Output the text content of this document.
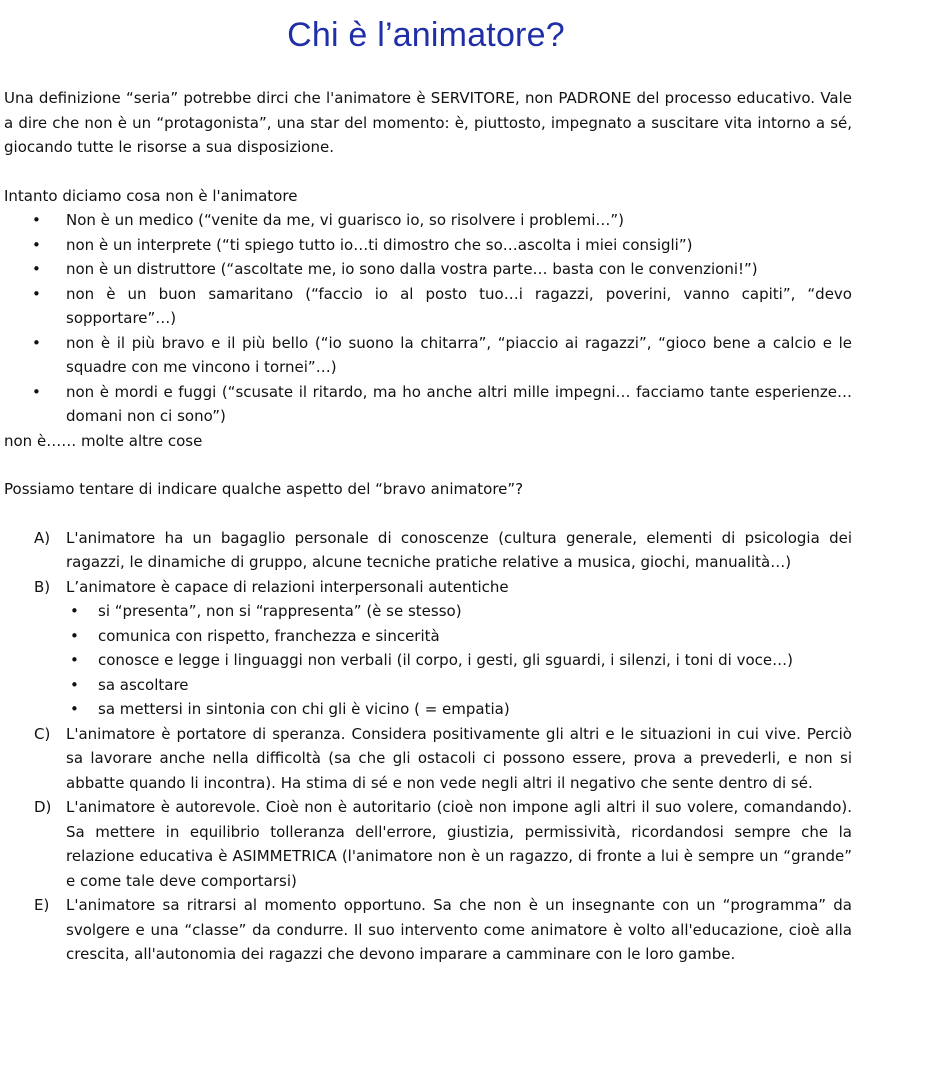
Chi è l’animatore?

Una definizione “seria” potrebbe dirci che l'animatore è SERVITORE, non PADRONE del processo educativo. Vale a dire che non è un “protagonista”, una star del momento: è, piuttosto, impegnato a suscitare vita intorno a sé, giocando tutte le risorse a sua disposizione.

Intanto diciamo cosa non è l'animatore

• Non è un medico (“venite da me, vi guarisco io, so risolvere i problemi…”)
• non è un interprete (“ti spiego tutto io…ti dimostro che so…ascolta i miei consigli”)
• non è un distruttore (“ascoltate me, io sono dalla vostra parte… basta con le convenzioni!”)
• non è un buon samaritano (“faccio io al posto tuo…i ragazzi, poverini, vanno capiti”, “devo sopportare”…)
• non è il più bravo e il più bello (“io suono la chitarra”, “piaccio ai ragazzi”, “gioco bene a calcio e le squadre con me vincono i tornei”…)
• non è mordi e fuggi (“scusate il ritardo, ma ho anche altri mille impegni… facciamo tante esperienze…domani non ci sono”)

non è…… molte altre cose

Possiamo tentare di indicare qualche aspetto del “bravo animatore”?

A) L'animatore ha un bagaglio personale di conoscenze (cultura generale, elementi di psicologia dei ragazzi, le dinamiche di gruppo, alcune tecniche pratiche relative a musica, giochi, manualità…)
B) L’animatore è capace di relazioni interpersonali autentiche
• si “presenta”, non si “rappresenta” (è se stesso)
• comunica con rispetto, franchezza e sincerità
• conosce e legge i linguaggi non verbali (il corpo, i gesti, gli sguardi, i silenzi, i toni di voce…)
• sa ascoltare
• sa mettersi in sintonia con chi gli è vicino ( = empatia)
C) L'animatore è portatore di speranza. Considera positivamente gli altri e le situazioni in cui vive. Perciò sa lavorare anche nella difficoltà (sa che gli ostacoli ci possono essere, prova a prevederli, e non si abbatte quando li incontra). Ha stima di sé e non vede negli altri il negativo che sente dentro di sé.
D) L'animatore è autorevole. Cioè non è autoritario (cioè non impone agli altri il suo volere, comandando). Sa mettere in equilibrio tolleranza dell'errore, giustizia, permissività, ricordandosi sempre che la relazione educativa è ASIMMETRICA (l'animatore non è un ragazzo, di fronte a lui è sempre un “grande” e come tale deve comportarsi)
E) L'animatore sa ritrarsi al momento opportuno. Sa che non è un insegnante con un “programma” da svolgere e una “classe” da condurre. Il suo intervento come animatore è volto all'educazione, cioè alla crescita, all'autonomia dei ragazzi che devono imparare a camminare con le loro gambe.
